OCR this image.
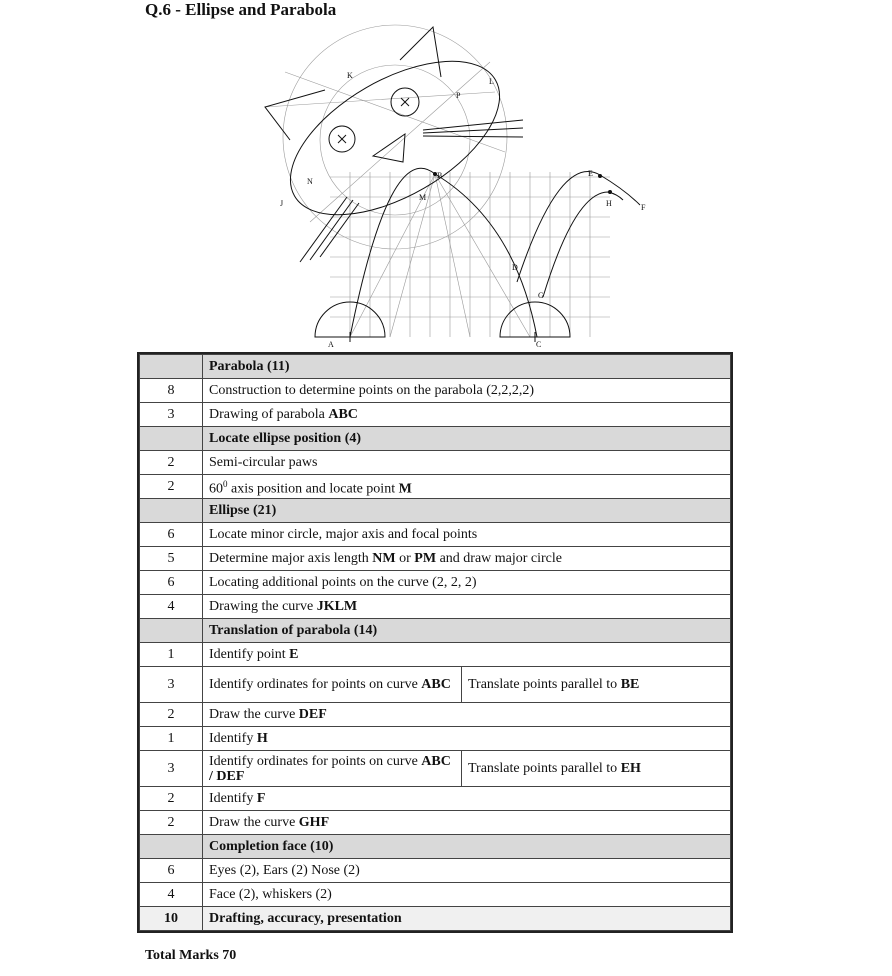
Q.6 - Ellipse and Parabola
K
L
P
N
J
B
M
E
H	F
D
G
A	C
	Parabola (11)	
8	Construction to determine points on the parabola (2,2,2,2)	
3	Drawing of parabola ABC	
	Locate ellipse position (4)	
2	Semi-circular paws	
2	$60^0$ axis position and locate point M	
	Ellipse (21)	
6	Locate minor circle, major axis and focal points	
5	Determine major axis length NM or PM and draw major circle	
6	Locating additional points on the curve (2, 2, 2)	
4	Drawing the curve JKLM	
	Translation of parabola (14)	
1	Identify point E	
3	Identify ordinates for points on curve ABC	Translate points parallel to BE
2	Draw the curve DEF	
1	Identify H	
3	Identify ordinates for points on curve ABC / DEF	Translate points parallel to EH
2	Identify F	
2	Draw the curve GHF	
	Completion face (10)	
6	Eyes (2), Ears (2) Nose (2)	
4	Face (2), whiskers (2)	
10	Drafting, accuracy, presentation	
Total Marks 70
